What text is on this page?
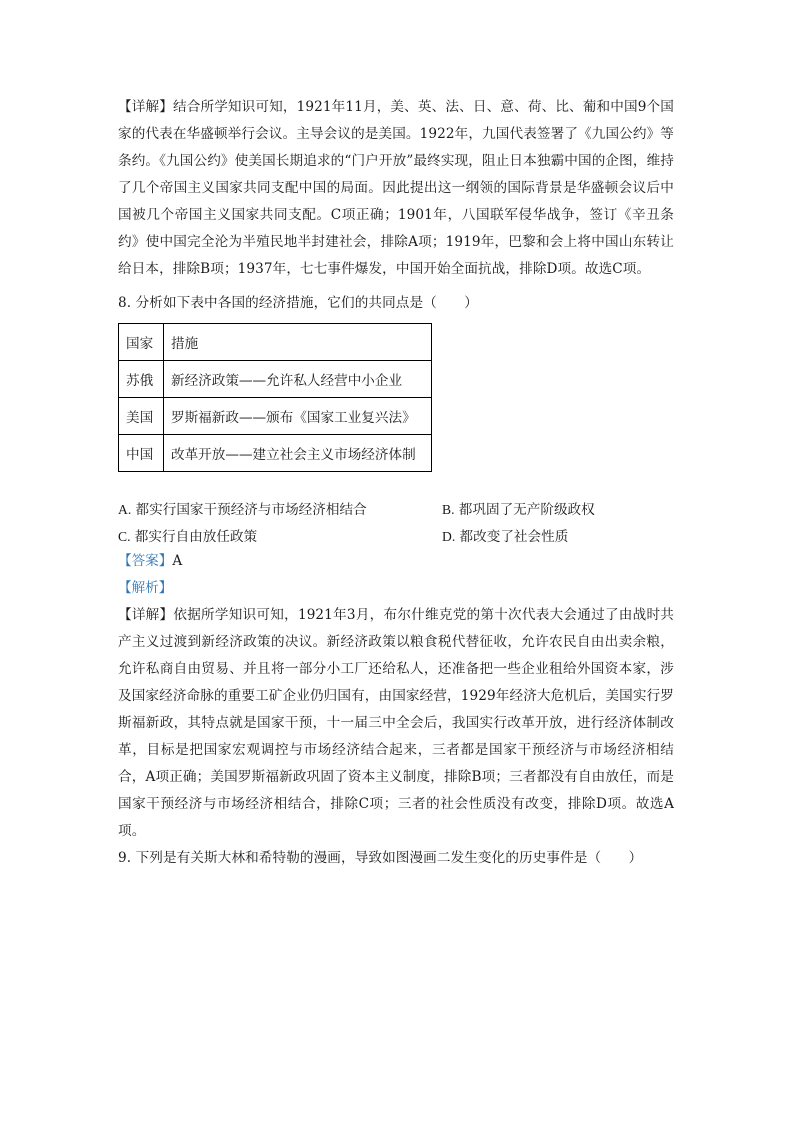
【详解】结合所学知识可知，1921年11月，美、英、法、日、意、荷、比、葡和中国9个国家的代表在华盛顿举行会议。主导会议的是美国。1922年，九国代表签署了《九国公约》等条约。《九国公约》使美国长期追求的“门户开放”最终实现，阻止日本独霸中国的企图，维持了几个帝国主义国家共同支配中国的局面。因此提出这一纲领的国际背景是华盛顿会议后中国被几个帝国主义国家共同支配。C项正确；1901年，八国联军侵华战争，签订《辛丑条约》使中国完全沦为半殖民地半封建社会，排除A项；1919年，巴黎和会上将中国山东转让给日本，排除B项；1937年，七七事件爆发，中国开始全面抗战，排除D项。故选C项。

8. 分析如下表中各国的经济措施，它们的共同点是（　　）

国家	措施
苏俄	新经济政策——允许私人经营中小企业
美国	罗斯福新政——颁布《国家工业复兴法》
中国	改革开放——建立社会主义市场经济体制
A. 都实行国家干预经济与市场经济相结合	B. 都巩固了无产阶级政权
C. 都实行自由放任政策	D. 都改变了社会性质
【答案】A
【解析】

【详解】依据所学知识可知，1921年3月，布尔什维克党的第十次代表大会通过了由战时共产主义过渡到新经济政策的决议。新经济政策以粮食税代替征收，允许农民自由出卖余粮，允许私商自由贸易、并且将一部分小工厂还给私人，还准备把一些企业租给外国资本家，涉及国家经济命脉的重要工矿企业仍归国有，由国家经营，1929年经济大危机后，美国实行罗斯福新政，其特点就是国家干预，十一届三中全会后，我国实行改革开放，进行经济体制改革，目标是把国家宏观调控与市场经济结合起来，三者都是国家干预经济与市场经济相结合，A项正确；美国罗斯福新政巩固了资本主义制度，排除B项；三者都没有自由放任，而是国家干预经济与市场经济相结合，排除C项；三者的社会性质没有改变，排除D项。故选A项。

9. 下列是有关斯大林和希特勒的漫画，导致如图漫画二发生变化的历史事件是（　　）
